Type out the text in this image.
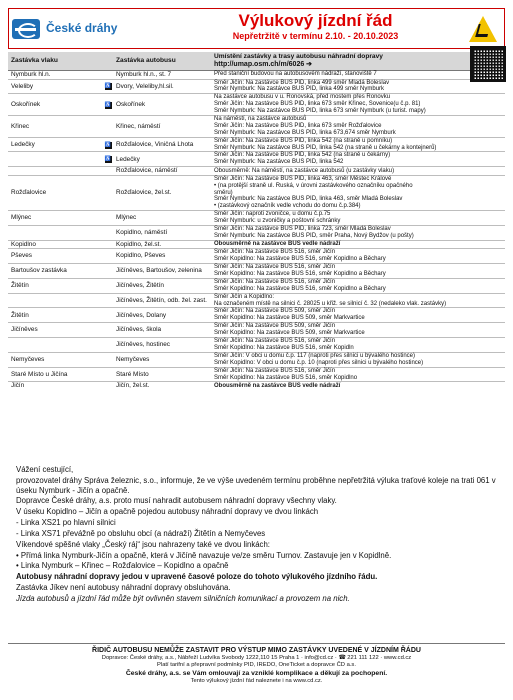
České dráhy	Výlukový jízdní řád
Nepřetržitě v termínu 2.10. - 20.10.2023
Zastávka vlaku		Zastávka autobusu	Umístění zastávky a trasy autobusu náhradní dopravy
http://umap.osm.ch/m/6026 ➔
Nymburk hl.n.		Nymburk hl.n., st. 7	Před staniční budovou na autobusovém nádraží, stanoviště 7

Veleliby	♿	Dvory, Veleliby,hl.sil.	Směr Jičín: Na zastávce BUS PID, linka 499 směr Mladá Boleslav
Směr Nymburk: Na zastávce BUS PID, linka 499 směr Nymburk

Oskořínek	♿	Oskořínek	Na zastávce autobusu v u. Ronovská, před mostem přes Ronovku
Směr Jičín: Na zastávce BUS PID, linka 673 směr Křinec, Sovenice(u č.p. 81)
Směr Nymburk: Na zastávce BUS PID, linka 673 směr Nymburk (u turist. mapy)

Křinec		Křinec, náměstí	Na náměstí, na zastávce autobusů
Směr Jičín: Na zastávce BUS PID, linka 673 směr Rožďalovice
Směr Nymburk: Na zastávce BUS PID, linka 673,674 směr Nymburk

Ledečky	♿	Rožďalovice, Viničná Lhota	Směr Jičín: Na zastávce BUS PID, linka 542 (na straně u pomníku)
Směr Nymburk: Na zastávce BUS PID, linka 542 (na straně u čekárny a kontejnerů)

	♿	Ledečky	Směr Jičín: Na zastávce BUS PID, linka 542 (na straně u čekárny)
Směr Nymburk: Na zastávce BUS PID, linka 542

		Rožďalovice, náměstí	Obousměrně: Na náměstí, na zastávce autobusů (u zastávky vlaku)

Rožďalovice		Rožďalovice, žel.st.	Směr Jičín: Na zastávce BUS PID, linka 463, směr Městec Králové
• (na protější straně ul. Ruská, v úrovni zastávkového označníku opačného
směru)
Směr Nymburk: Na zastávce BUS PID, linka 463, směr Mladá Boleslav
• (zastávkový označník vedle vchodu do domu č.p.384)

Mlýnec		Mlýnec	Směr Jičín: naproti zvoničce, u domu č.p.75
Směr Nymburk: u zvoničky a poštovní schránky

		Kopidlno, náměstí	Směr Jičín: Na zastávce BUS PID, linka 723, směr Mladá Boleslav
Směr Nymburk: Na zastávce BUS PID, směr Praha, Nový Bydžov (u pošty)

Kopidlno		Kopidlno, žel.st.	Obousměrně na zastávce BUS vedle nádraží

Pševes		Kopidlno, Pševes	Směr Jičín: Na zastávce BUS 516, směr Jičín
Směr Kopidlno: Na zastávce BUS 516, směr Kopidlno a Běchary

Bartoušov zastávka		Jičíněves, Bartoušov, zelenina	Směr Jičín: Na zastávce BUS 516, směr Jičín
Směr Kopidlno: Na zastávce BUS 516, směr Kopidlno a Běchary

Žitětín		Jičíněves, Žitětín	Směr Jičín: Na zastávce BUS 516, směr Jičín
Směr Kopidlno: Na zastávce BUS 516, směr Kopidlno a Běchary

		Jičíněves, Žitětín, odb. žel. zast.	Směr Jičín a Kopidlno:
Na označeném místě na silnici č. 28025 u křiž. se silnicí č. 32 (nedaleko vlak. zastávky)

Žitětín		Jičíněves, Dolany	Směr Jičín: Na zastávce BUS 509, směr Jičín
Směr Kopidlno: Na zastávce BUS 509, směr Markvartice

Jičíněves		Jičíněves, škola	Směr Jičín: Na zastávce BUS 509, směr Jičín
Směr Kopidlno: Na zastávce BUS 509, směr Markvartice

		Jičíněves, hostinec	Směr Jičín: Na zastávce BUS 516, směr Jičín
Směr Kopidlno: Na zastávce BUS 516, směr Kopidln

Nemyčeves		Nemyčeves	Směr Jičín: V obci u domu č.p. 117 (naproti přes silnici u bývalého hostince)
Směr Kopidlno: V obci u domu č.p. 10 (naproti přes silnici u bývalého hostince)

Staré Místo u Jičína		Staré Místo	Směr Jičín: Na zastávce BUS 516, směr Jičín
Směr Kopidlno: Na zastávce BUS 516, směr Kopidlno

Jičín		Jičín, žel.st.	Obousměrně na zastávce BUS vedle nádraží
Vážení cestující,
provozovatel dráhy Správa železnic, s.o., informuje, že ve výše uvedeném termínu proběhne nepřetržitá výluka traťové koleje na trati 061 v úseku Nymburk - Jičín a opačně.
Dopravce České dráhy, a.s. proto musí nahradit autobusem náhradní dopravy všechny vlaky.
V úseku Kopidlno – Jičín a opačně pojedou autobusy náhradní dopravy ve dvou linkách
- Linka XS21 po hlavní silnici
- Linka XS71 převážně po obsluhu obcí (a nádraží) Žitětín a Nemyčeves
Víkendové spěšné vlaky „Český ráj“ jsou nahrazeny také ve dvou linkách:
• Přímá linka Nymburk-Jičín a opačně, která v Jičíně navazuje ve/ze směru Turnov. Zastavuje jen v Kopidlně.
• Linka Nymburk – Křinec – Rožďalovice – Kopidlno a opačně
Autobusy náhradní dopravy jedou v upravené časové poloze do tohoto výlukového jízdního řádu.
Zastávka Jíkev není autobusy náhradní dopravy obsluhována.
Jízda autobusů a jízdní řád může být ovlivněn stavem silničních komunikací a provozem na nich.
ŘIDIČ AUTOBUSU NEMŮŽE ZASTAVIT PRO VÝSTUP MIMO ZASTÁVKY UVEDENÉ V JÍZDNÍM ŘÁDU
Dopravce: České dráhy, a.s., Nábřeží Ludvíka Svobody 1222,110 15 Praha 1 · info@cd.cz · ☎ 221 111 122 · www.cd.cz
Platí tarifní a přepravní podmínky PID, IREDO, OneTicket a dopravce ČD a.s.
České dráhy, a.s. se Vám omlouvají za vzniklé komplikace a děkují za pochopení.
Tento výlukový jízdní řád naleznete i na www.cd.cz.
